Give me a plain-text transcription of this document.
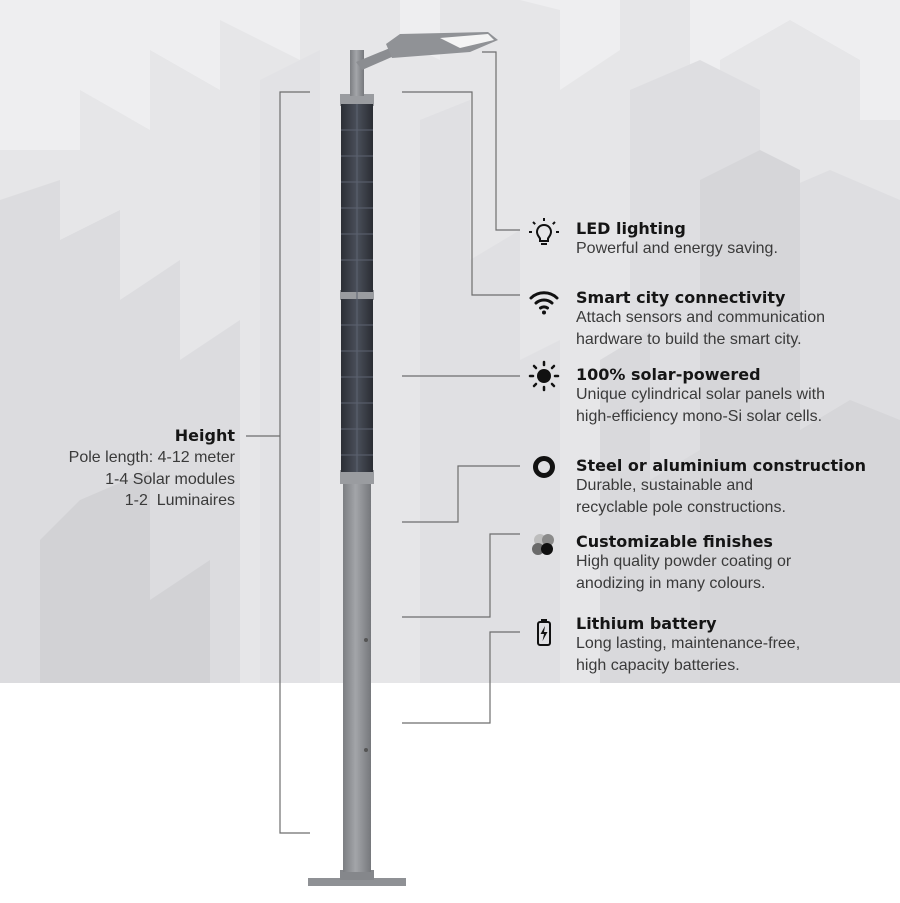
Height
Pole length: 4-12 meter
1-4 Solar modules
1-2  Luminaires
LED lighting
Powerful and energy saving.
Smart city connectivity
Attach sensors and communication
hardware to build the smart city.
100% solar-powered
Unique cylindrical solar panels with
high-efficiency mono-Si solar cells.
Steel or aluminium construction
Durable, sustainable and
recyclable pole constructions.
Customizable finishes
High quality powder coating or
anodizing in many colours.
Lithium battery
Long lasting, maintenance-free,
high capacity batteries.
